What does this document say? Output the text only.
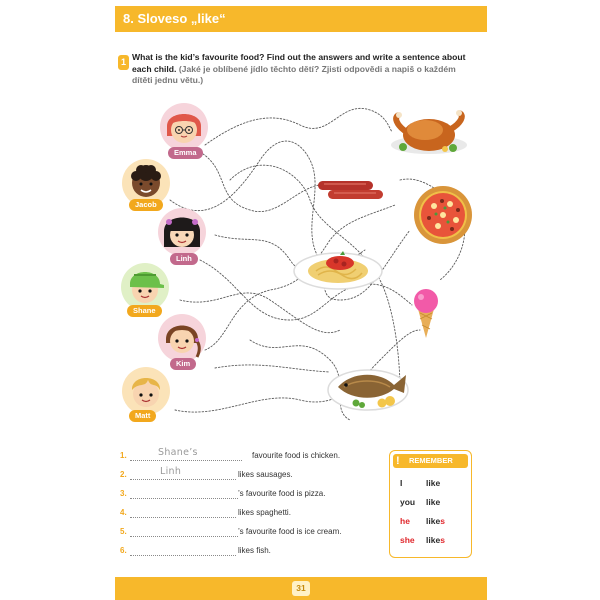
8. Sloveso „like“
1 What is the kid’s favourite food? Find out the answers and write a sentence about each child. (Jaké je oblíbené jídlo těchto dětí? Zjisti odpovědi a napiš o každém dítěti jednu větu.)
Emma
Jacob
Linh
Shane
Kim
Matt
1.	Shane’s	favourite food is chicken.
2.	Linh	likes sausages.
3.	’s favourite food is pizza.
4.	likes spaghetti.
5.	’s favourite food is ice cream.
6.	likes fish.
! REMEMBER
I	like
you like
he likes
she likes
31
